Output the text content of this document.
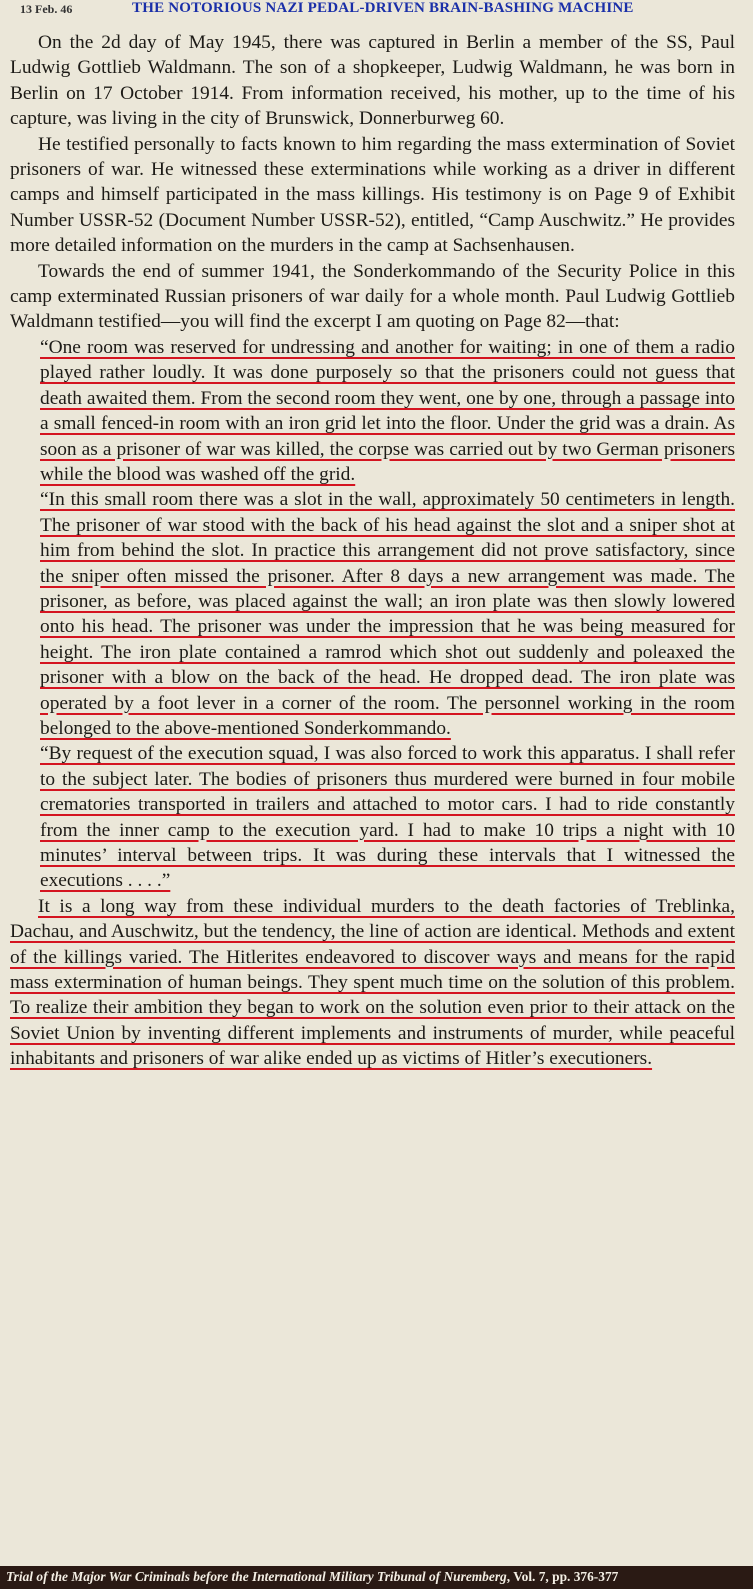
13 Feb. 46	THE NOTORIOUS NAZI PEDAL-DRIVEN BRAIN-BASHING MACHINE

On the 2d day of May 1945, there was captured in Berlin a member of the SS, Paul Ludwig Gottlieb Waldmann. The son of a shopkeeper, Ludwig Waldmann, he was born in Berlin on 17 October 1914. From information received, his mother, up to the time of his capture, was living in the city of Brunswick, Donnerburweg 60.

He testified personally to facts known to him regarding the mass extermination of Soviet prisoners of war. He witnessed these exterminations while working as a driver in different camps and himself participated in the mass killings. His testimony is on Page 9 of Exhibit Number USSR-52 (Document Number USSR-52), entitled, “Camp Auschwitz.” He provides more detailed information on the murders in the camp at Sachsenhausen.

Towards the end of summer 1941, the Sonderkommando of the Security Police in this camp exterminated Russian prisoners of war daily for a whole month. Paul Ludwig Gottlieb Waldmann testified—you will find the excerpt I am quoting on Page 82—that:

“One room was reserved for undressing and another for waiting; in one of them a radio played rather loudly. It was done purposely so that the prisoners could not guess that death awaited them. From the second room they went, one by one, through a passage into a small fenced-in room with an iron grid let into the floor. Under the grid was a drain. As soon as a prisoner of war was killed, the corpse was carried out by two German prisoners while the blood was washed off the grid.

“In this small room there was a slot in the wall, approximately 50 centimeters in length. The prisoner of war stood with the back of his head against the slot and a sniper shot at him from behind the slot. In practice this arrangement did not prove satisfactory, since the sniper often missed the prisoner. After 8 days a new arrangement was made. The prisoner, as before, was placed against the wall; an iron plate was then slowly lowered onto his head. The prisoner was under the impression that he was being measured for height. The iron plate contained a ramrod which shot out suddenly and poleaxed the prisoner with a blow on the back of the head. He dropped dead. The iron plate was operated by a foot lever in a corner of the room. The personnel working in the room belonged to the above-mentioned Sonderkommando.

“By request of the execution squad, I was also forced to work this apparatus. I shall refer to the subject later. The bodies of prisoners thus murdered were burned in four mobile crematories transported in trailers and attached to motor cars. I had to ride constantly from the inner camp to the execution yard. I had to make 10 trips a night with 10 minutes’ interval between trips. It was during these intervals that I witnessed the executions . . . .”

It is a long way from these individual murders to the death factories of Treblinka, Dachau, and Auschwitz, but the tendency, the line of action are identical. Methods and extent of the killings varied. The Hitlerites endeavored to discover ways and means for the rapid mass extermination of human beings. They spent much time on the solution of this problem. To realize their ambition they began to work on the solution even prior to their attack on the Soviet Union by inventing different implements and instruments of murder, while peaceful inhabitants and prisoners of war alike ended up as victims of Hitler’s executioners.

Trial of the Major War Criminals before the International Military Tribunal of Nuremberg, Vol. 7, pp. 376-377
